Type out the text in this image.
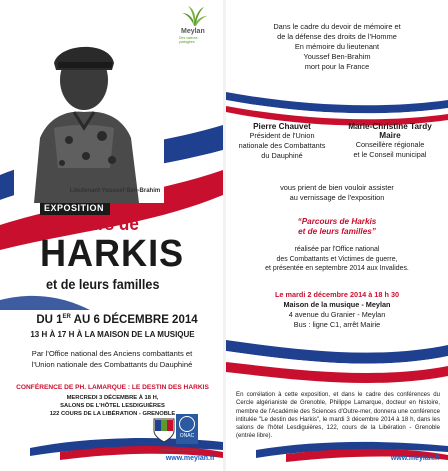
Lieutenant Youssef Ben-Brahim
EXPOSITION
Parcours de
HARKIS
et de leurs familles
DU 1ER AU 6 DÉCEMBRE 2014
13 H À 17 H À LA MAISON DE LA MUSIQUE
Par l'Office national des Anciens combattants et
l'Union nationale des Combattants du Dauphiné
CONFÉRENCE DE PH. LAMARQUE : LE DESTIN DES HARKIS
MERCREDI 3 DÉCEMBRE À 18 H,
SALONS DE L'HÔTEL LESDIGUIÈRES
122 COURS DE LA LIBÉRATION - GRENOBLE
ONAC
Solidarité et mémoire
www.meylan.fr
Meylan
Des valeurs partagées
Dans le cadre du devoir de mémoire et
de la défense des droits de l'Homme
En mémoire du lieutenant
Youssef Ben-Brahim
mort pour la France
Pierre Chauvet
Président de l'Union
nationale des Combattants
du Dauphiné
Marie-Christine Tardy
Maire
Conseillère régionale
et le Conseil municipal
vous prient de bien vouloir assister
au vernissage de l'exposition
“Parcours de Harkis
et de leurs familles”
réalisée par l'Office national
des Combattants et Victimes de guerre,
et présentée en septembre 2014 aux Invalides.
Le mardi 2 décembre 2014 à 18 h 30
Maison de la musique - Meylan
4 avenue du Granier - Meylan
Bus : ligne C1, arrêt Mairie
En corrélation à cette exposition, et dans le cadre des conférences du Cercle algérianiste de Grenoble, Philippe Lamarque, docteur en histoire, membre de l'Académie des Sciences d'Outre-mer, donnera une conférence intitulée "Le destin des Harkis", le mardi 3 décembre 2014 à 18 h, dans les salons de l'hôtel Lesdiguières, 122, cours de la Libération - Grenoble (entrée libre).
www.meylan.fr
